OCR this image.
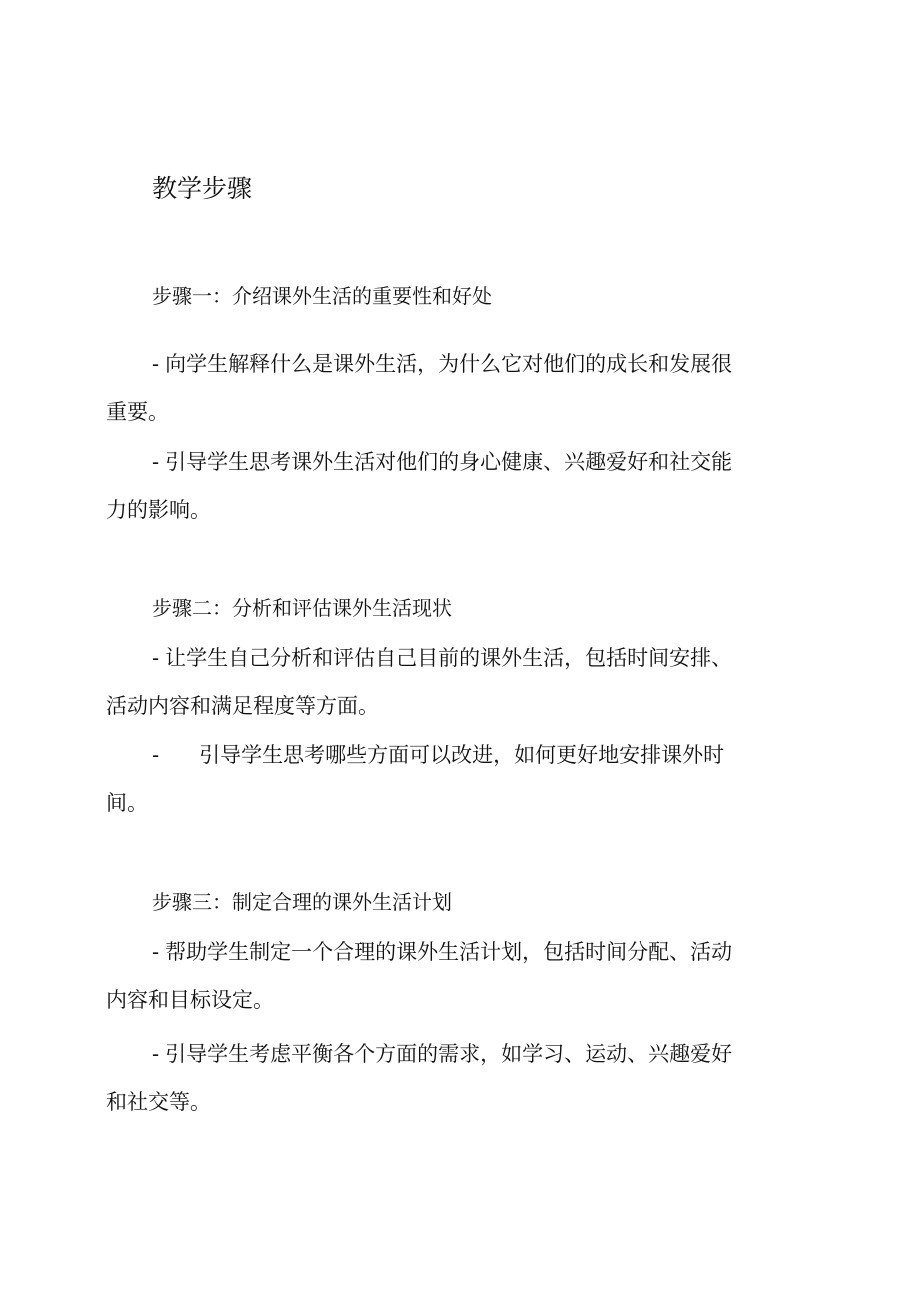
教学步骤
步骤一：介绍课外生活的重要性和好处

- 向学生解释什么是课外生活，为什么它对他们的成长和发展很
重要。

- 引导学生思考课外生活对他们的身心健康、兴趣爱好和社交能
力的影响。

步骤二：分析和评估课外生活现状

- 让学生自己分析和评估自己目前的课外生活，包括时间安排、
活动内容和满足程度等方面。

- 引导学生思考哪些方面可以改进，如何更好地安排课外时
间。

步骤三：制定合理的课外生活计划

- 帮助学生制定一个合理的课外生活计划，包括时间分配、活动
内容和目标设定。

- 引导学生考虑平衡各个方面的需求，如学习、运动、兴趣爱好
和社交等。
